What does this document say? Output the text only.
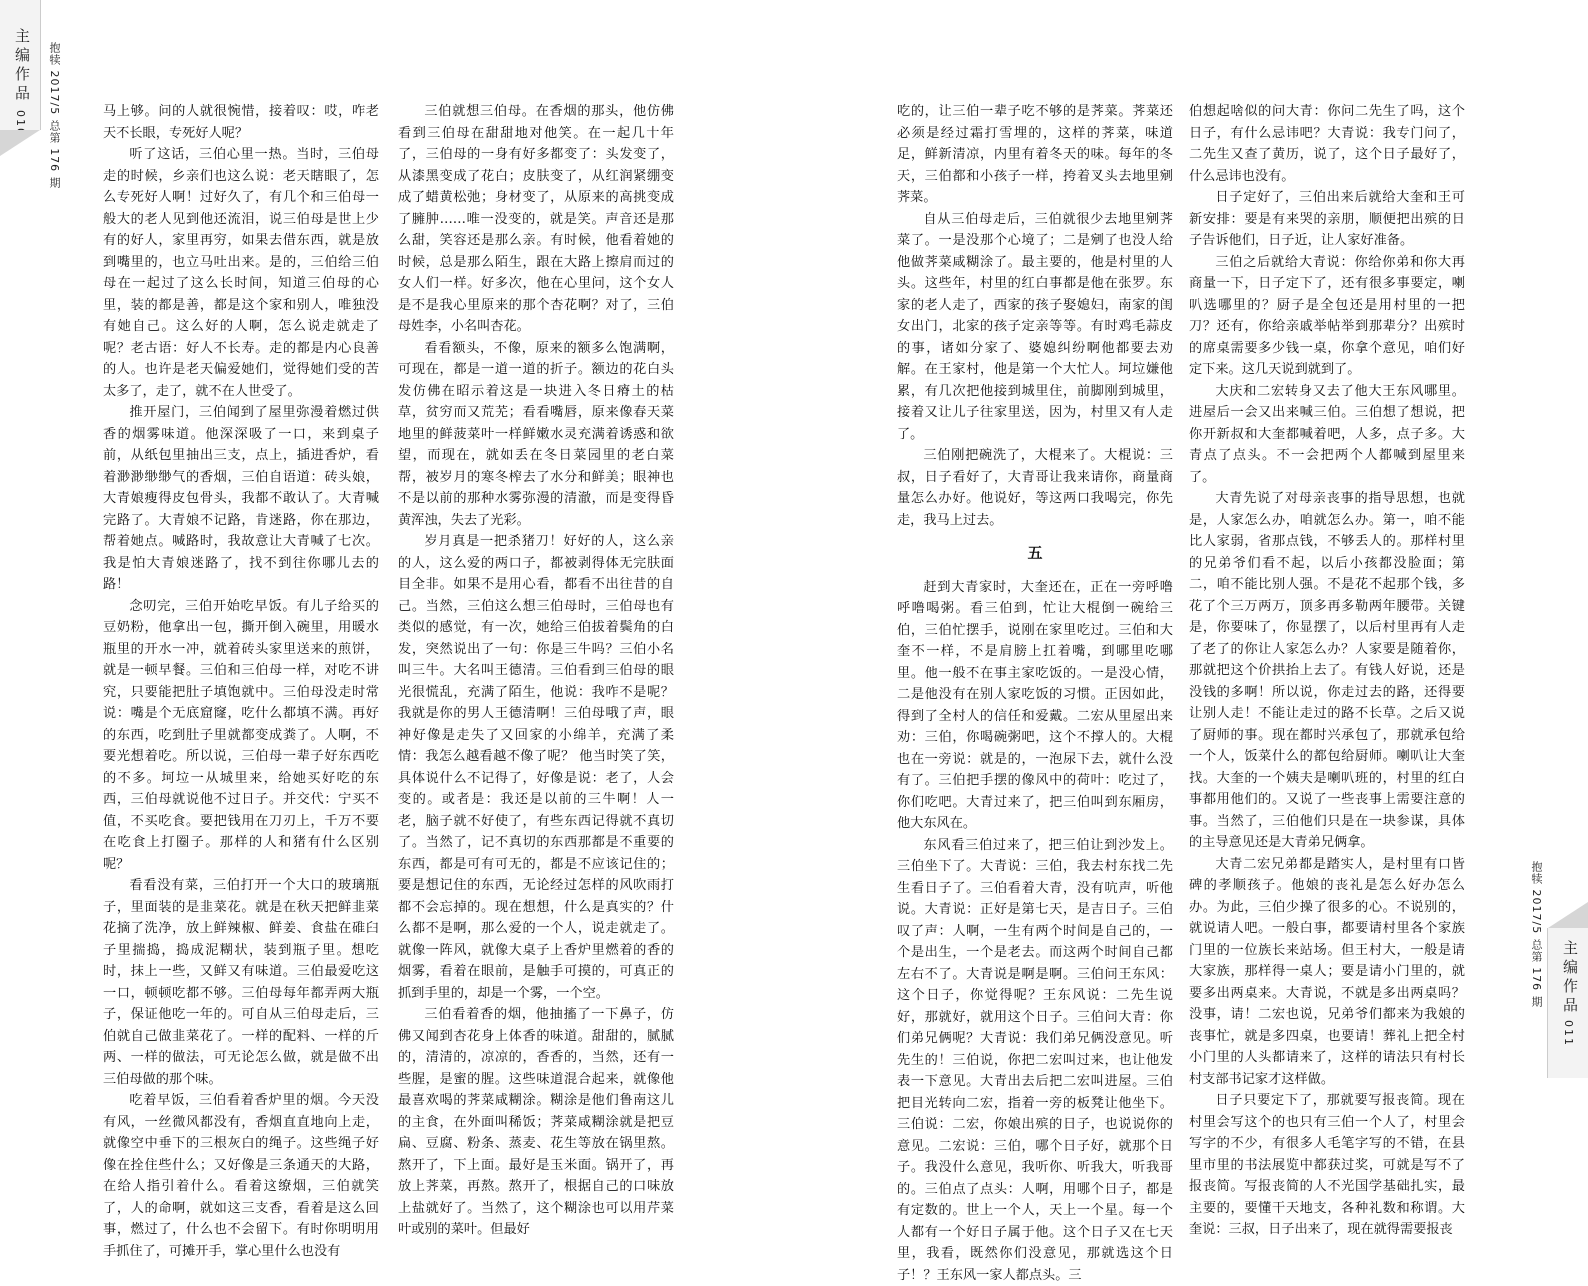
主编作品
010 抱犊 2017/5 总第 176 期	马上够。问的人就很惋惜，接着叹：哎，咋老天不长眼，专死好人呢？

听了这话，三伯心里一热。当时，三伯母走的时候，乡亲们也这么说：老天瞎眼了，怎么专死好人啊！过好久了，有几个和三伯母一般大的老人见到他还流泪，说三伯母是世上少有的好人，家里再穷，如果去借东西，就是放到嘴里的，也立马吐出来。是的，三伯给三伯母在一起过了这么长时间，知道三伯母的心里，装的都是善，都是这个家和别人，唯独没有她自己。这么好的人啊，怎么说走就走了呢？老古语：好人不长寿。走的都是内心良善的人。也许是老天偏爱她们，觉得她们受的苦太多了，走了，就不在人世受了。

推开屋门，三伯闻到了屋里弥漫着燃过供香的烟雾味道。他深深吸了一口，来到桌子前，从纸包里抽出三支，点上，插进香炉，看着渺渺缈缈气的香烟，三伯自语道：砖头娘，大青娘瘦得皮包骨头，我都不敢认了。大青喊完路了。大青娘不记路，肯迷路，你在那边，帮着她点。喊路时，我故意让大青喊了七次。我是怕大青娘迷路了，找不到往你哪儿去的路！

念叨完，三伯开始吃早饭。有儿子给买的豆奶粉，他拿出一包，撕开倒入碗里，用暖水瓶里的开水一冲，就着砖头家里送来的煎饼，就是一顿早餐。三伯和三伯母一样，对吃不讲究，只要能把肚子填饱就中。三伯母没走时常说：嘴是个无底窟窿，吃什么都填不满。再好的东西，吃到肚子里就都变成粪了。人啊，不要光想着吃。所以说，三伯母一辈子好东西吃的不多。坷垃一从城里来，给她买好吃的东西，三伯母就说他不过日子。并交代：宁买不值，不买吃食。要把钱用在刀刃上，千万不要在吃食上打圈子。那样的人和猪有什么区别呢？

看看没有菜，三伯打开一个大口的玻璃瓶子，里面装的是韭菜花。就是在秋天把鲜韭菜花摘了洗净，放上鲜辣椒、鲜姜、食盐在碓臼子里揣捣，捣成泥糊状，装到瓶子里。想吃时，抹上一些，又鲜又有味道。三伯最爱吃这一口，顿顿吃都不够。三伯母每年都弄两大瓶子，保证他吃一年的。可自从三伯母走后，三伯就自己做韭菜花了。一样的配料、一样的斤两、一样的做法，可无论怎么做，就是做不出三伯母做的那个味。

吃着早饭，三伯看着香炉里的烟。今天没有风，一丝微风都没有，香烟直直地向上走，就像空中垂下的三根灰白的绳子。这些绳子好像在拴住些什么；又好像是三条通天的大路，在给人指引着什么。看着这缭烟，三伯就笑了，人的命啊，就如这三支香，看着是这么回事，燃过了，什么也不会留下。有时你明明用手抓住了，可摊开手，掌心里什么也没有

三伯就想三伯母。在香烟的那头，他仿佛看到三伯母在甜甜地对他笑。在一起几十年了，三伯母的一身有好多都变了：头发变了，从漆黑变成了花白；皮肤变了，从红润紧绷变成了蜡黄松弛；身材变了，从原来的高挑变成了臃肿……唯一没变的，就是笑。声音还是那么甜，笑容还是那么亲。有时候，他看着她的时候，总是那么陌生，跟在大路上擦肩而过的女人们一样。好多次，他在心里问，这个女人是不是我心里原来的那个杏花啊？对了，三伯母姓李，小名叫杏花。

看看额头，不像，原来的额多么饱满啊，可现在，都是一道一道的折子。额边的花白头发仿佛在昭示着这是一块进入冬日瘠土的枯草，贫穷而又荒芜；看看嘴唇，原来像春天菜地里的鲜菠菜叶一样鲜嫩水灵充满着诱惑和欲望，而现在，就如丢在冬日菜园里的老白菜帮，被岁月的寒冬榨去了水分和鲜美；眼神也不是以前的那种水雾弥漫的清澈，而是变得昏黄浑浊，失去了光彩。

岁月真是一把杀猪刀！好好的人，这么亲的人，这么爱的两口子，都被剥得体无完肤面目全非。如果不是用心看，都看不出往昔的自己。当然，三伯这么想三伯母时，三伯母也有类似的感觉，有一次，她给三伯拔着鬓角的白发，突然说出了一句：你是三牛吗？三伯小名叫三牛。大名叫王德清。三伯看到三伯母的眼光很慌乱，充满了陌生，他说：我咋不是呢？我就是你的男人王德清啊！三伯母哦了声，眼神好像是走失了又回家的小绵羊，充满了柔情：我怎么越看越不像了呢？ 他当时笑了笑，具体说什么不记得了，好像是说：老了，人会变的。或者是：我还是以前的三牛啊！人一老，脑子就不好使了，有些东西记得就不真切了。当然了，记不真切的东西那都是不重要的东西，都是可有可无的，都是不应该记住的；要是想记住的东西，无论经过怎样的风吹雨打都不会忘掉的。现在想想，什么是真实的？什么都不是啊，那么爱的一个人，说走就走了。就像一阵风，就像大桌子上香炉里燃着的香的烟雾，看着在眼前，是触手可摸的，可真正的抓到手里的，却是一个雾，一个空。

三伯看着香的烟，他抽搐了一下鼻子，仿佛又闻到杏花身上体香的味道。甜甜的，腻腻的，清清的，凉凉的，香香的，当然，还有一些腥，是蜜的腥。这些味道混合起来，就像他最喜欢喝的荠菜咸糊涂。糊涂是他们鲁南这儿的主食，在外面叫稀饭；荠菜咸糊涂就是把豆扁、豆腐、粉条、蒸麦、花生等放在锅里熬。熬开了，下上面。最好是玉米面。锅开了，再放上荠菜，再熬。熬开了，根据自己的口味放上盐就好了。当然了，这个糊涂也可以用芹菜叶或别的菜叶。但最好

吃的，让三伯一辈子吃不够的是荠菜。荠菜还必须是经过霜打雪埋的，这样的荠菜，味道足，鲜新清凉，内里有着冬天的味。每年的冬天，三伯都和小孩子一样，挎着叉头去地里剜荠菜。

自从三伯母走后，三伯就很少去地里剜荠菜了。一是没那个心境了；二是剜了也没人给他做荠菜咸糊涂了。最主要的，他是村里的人头。这些年，村里的红白事都是他在张罗。东家的老人走了，西家的孩子娶媳妇，南家的闺女出门，北家的孩子定亲等等。有时鸡毛蒜皮的事，诸如分家了、婆媳纠纷啊他都要去劝解。在王家村，他是第一个大忙人。坷垃嫌他累，有几次把他接到城里住，前脚刚到城里，接着又让儿子往家里送，因为，村里又有人走了。

三伯刚把碗洗了，大棍来了。大棍说：三叔，日子看好了，大青哥让我来请你，商量商量怎么办好。他说好，等这两口我喝完，你先走，我马上过去。

五

赶到大青家时，大奎还在，正在一旁呼噜呼噜喝粥。看三伯到，忙让大棍倒一碗给三伯，三伯忙摆手，说刚在家里吃过。三伯和大奎不一样，不是肩膀上扛着嘴，到哪里吃哪里。他一般不在事主家吃饭的。一是没心情，二是他没有在别人家吃饭的习惯。正因如此，得到了全村人的信任和爱戴。二宏从里屋出来劝：三伯，你喝碗粥吧，这个不撑人的。大棍也在一旁说：就是的，一泡尿下去，就什么没有了。三伯把手摆的像风中的荷叶：吃过了，你们吃吧。大青过来了，把三伯叫到东厢房，他大东风在。

东风看三伯过来了，把三伯让到沙发上。三伯坐下了。大青说：三伯，我去村东找二先生看日子了。三伯看着大青，没有吭声，听他说。大青说：正好是第七天，是吉日子。三伯叹了声：人啊，一生有两个时间是自己的，一个是出生，一个是老去。而这两个时间自己都左右不了。大青说是啊是啊。三伯问王东风：这个日子，你觉得呢？王东风说：二先生说好，那就好，就用这个日子。三伯问大青：你们弟兄俩呢？大青说：我们弟兄俩没意见。听先生的！三伯说，你把二宏叫过来，也让他发表一下意见。大青出去后把二宏叫进屋。三伯把目光转向二宏，指着一旁的板凳让他坐下。三伯说：二宏，你娘出殡的日子，也说说你的意见。二宏说：三伯，哪个日子好，就那个日子。我没什么意见，我听你、听我大，听我哥的。三伯点了点头：人啊，用哪个日子，都是有定数的。世上一个人，天上一个星。每一个人都有一个好日子属于他。这个日子又在七天里，我看，既然你们没意见，那就选这个日子！？王东风一家人都点头。三

伯想起啥似的问大青：你问二先生了吗，这个日子，有什么忌讳吧？大青说：我专门问了，二先生又查了黄历，说了，这个日子最好了，什么忌讳也没有。

日子定好了，三伯出来后就给大奎和王可新安排：要是有来哭的亲朋，顺便把出殡的日子告诉他们，日子近，让人家好准备。

三伯之后就给大青说：你给你弟和你大再商量一下，日子定下了，还有很多事要定，喇叭选哪里的？厨子是全包还是用村里的一把刀？还有，你给亲戚举帖举到那辈分？出殡时的席桌需要多少钱一桌，你拿个意见，咱们好定下来。这几天说到就到了。

大庆和二宏转身又去了他大王东风哪里。进屋后一会又出来喊三伯。三伯想了想说，把你开新叔和大奎都喊着吧，人多，点子多。大青点了点头。不一会把两个人都喊到屋里来了。

大青先说了对母亲丧事的指导思想，也就是，人家怎么办，咱就怎么办。第一，咱不能比人家弱，省那点钱，不够丢人的。那样村里的兄弟爷们看不起，以后小孩都没脸面；第二，咱不能比别人强。不是花不起那个钱，多花了个三万两万，顶多再多勒两年腰带。关键是，你要味了，你显摆了，以后村里再有人走了老了的你让人家怎么办？人家要是随着你，那就把这个价拱抬上去了。有钱人好说，还是没钱的多啊！所以说，你走过去的路，还得要让别人走！不能让走过的路不长草。之后又说了厨师的事。现在都时兴承包了，那就承包给一个人，饭菜什么的都包给厨师。喇叭让大奎找。大奎的一个姨夫是喇叭班的，村里的红白事都用他们的。又说了一些丧事上需要注意的事。当然了，三伯他们只是在一块参谋，具体的主导意见还是大青弟兄俩拿。

大青二宏兄弟都是踏实人，是村里有口皆碑的孝顺孩子。他娘的丧礼是怎么好办怎么办。为此，三伯少操了很多的心。不说别的，就说请人吧。一般白事，都要请村里各个家族门里的一位族长来站场。但王村大，一般是请大家族，那样得一桌人；要是请小门里的，就要多出两桌来。大青说，不就是多出两桌吗？没事，请！二宏也说，兄弟爷们都来为我娘的丧事忙，就是多四桌，也要请！葬礼上把全村小门里的人头都请来了，这样的请法只有村长村支部书记家才这样做。

日子只要定下了，那就要写报丧简。现在村里会写这个的也只有三伯一个人了，村里会写字的不少，有很多人毛笔字写的不错，在县里市里的书法展览中都获过奖，可就是写不了报丧简。写报丧简的人不光国学基础扎实，最主要的，要懂干天地支，各种礼数和称谓。大奎说：三叔，日子出来了，现在就得需要报丧

抱犊 2017/5 总第 176 期 主编作品
011
